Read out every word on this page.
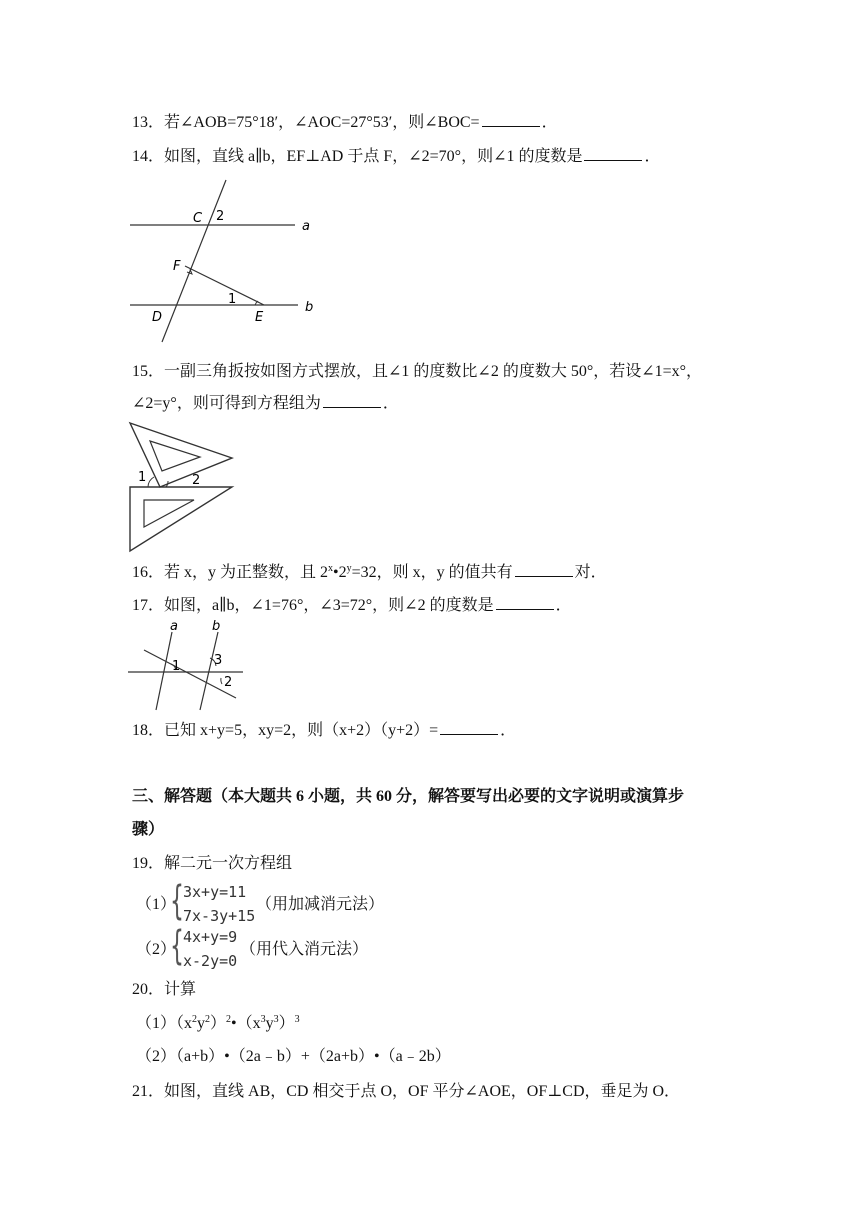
13．若∠AOB=75°18′，∠AOC=27°53′，则∠BOC=	．
14．如图，直线 a∥b，EF⊥AD 于点 F，∠2=70°，则∠1 的度数是	．
C 2
a
F
1
b
D	E
15．一副三角扳按如图方式摆放，且∠1 的度数比∠2 的度数大 50°，若设∠1=x°，
∠2=y°，则可得到方程组为	．
1	2
16．若 x，y 为正整数，且 $2^x•2^y=32$，则 x，y 的值共有	对．
17．如图，a∥b，∠1=76°，∠3=72°，则∠2 的度数是	．
a	b
1	3
2
18．已知 x+y=5，xy=2，则（x+2）（y+2）=	．
三、解答题（本大题共 6 小题，共 60 分，解答要写出必要的文字说明或演算步
骤）
19．解二元一次方程组
（1）
{ 3x+y=11
7x-3y+15
（用加减消元法）
（2）
{ 4x+y=9
x-2y=0
（用代入消元法）
20．计算
$(1)(x^2y^2)^2•(x^3y^3)^3$
（2）（a+b）•（2a﹣b）+（2a+b）•（a﹣2b）
21．如图，直线 AB，CD 相交于点 O，OF 平分∠AOE，OF⊥CD，垂足为 O．
